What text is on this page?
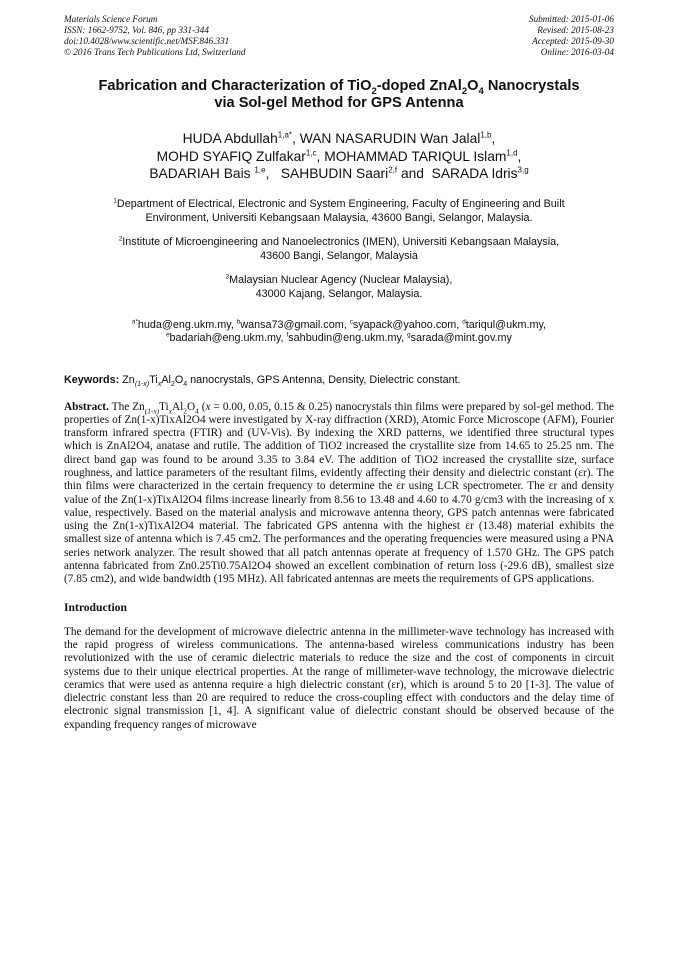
Materials Science Forum
ISSN: 1662-9752, Vol. 846, pp 331-344
doi:10.4028/www.scientific.net/MSF.846.331
© 2016 Trans Tech Publications Ltd, Switzerland
Submitted: 2015-01-06
Revised: 2015-08-23
Accepted: 2015-09-30
Online: 2016-03-04
Fabrication and Characterization of TiO$_2$-doped $ZnAl_2O_4$ Nanocrystals
via Sol-gel Method for GPS Antenna
HUDA Abdullah$^{1,a*}$, WAN NASARUDIN Wan Jalal$^{1,b}$,
MOHD SYAFIQ Zulfakar$^{1,c}$, MOHAMMAD TARIQUL Islam$^{1,d}$,
BADARIAH Bais $^{1,e}$,   SAHBUDIN Saari$^{2,f}$ and  SARADA Idris$^{3,g}$
$^1$Department of Electrical, Electronic and System Engineering, Faculty of Engineering and Built
Environment, Universiti Kebangsaan Malaysia, 43600 Bangi, Selangor, Malaysia.
$^2$Institute of Microengineering and Nanoelectronics (IMEN), Universiti Kebangsaan Malaysia,
43600 Bangi, Selangor, Malaysia
$^3$Malaysian Nuclear Agency (Nuclear Malaysia),
43000 Kajang, Selangor, Malaysia.
$^{a*}$huda@eng.ukm.my, $^b$wansa73@gmail.com, $^c$syapack@yahoo.com, $^d$tariqul@ukm.my,
$^e$badariah@eng.ukm.my, $^f$sahbudin@eng.ukm.my, $^g$sarada@mint.gov.my
Keywords: $Zn_{(1-x)}Ti_xAl_2O_4$ nanocrystals, GPS Antenna, Density, Dielectric constant.

Abstract. The $Zn_{(1-x)}Ti_xAl_2O_4$ (x = 0.00, 0.05, 0.15 & 0.25) nanocrystals thin films were prepared by sol-gel method. The properties of Zn(1-x)TixAl2O4 were investigated by X-ray diffraction (XRD), Atomic Force Microscope (AFM), Fourier transform infrared spectra (FTIR) and (UV-Vis). By indexing the XRD patterns, we identified three structural types which is ZnAl2O4, anatase and rutile. The addition of TiO2 increased the crystallite size from 14.65 to 25.25 nm. The direct band gap was found to be around 3.35 to 3.84 eV. The addition of TiO2 increased the crystallite size, surface roughness, and lattice parameters of the resultant films, evidently affecting their density and dielectric constant (εr). The thin films were characterized in the certain frequency to determine the εr using LCR spectrometer. The εr and density value of the Zn(1-x)TixAl2O4 films increase linearly from 8.56 to 13.48 and 4.60 to 4.70 g/cm3 with the increasing of x value, respectively. Based on the material analysis and microwave antenna theory, GPS patch antennas were fabricated using the Zn(1-x)TixAl2O4 material. The fabricated GPS antenna with the highest εr (13.48) material exhibits the smallest size of antenna which is 7.45 cm2. The performances and the operating frequencies were measured using a PNA series network analyzer. The result showed that all patch antennas operate at frequency of 1.570 GHz. The GPS patch antenna fabricated from Zn0.25Ti0.75Al2O4 showed an excellent combination of return loss (-29.6 dB), smallest size (7.85 cm2), and wide bandwidth (195 MHz). All fabricated antennas are meets the requirements of GPS applications.

Introduction

The demand for the development of microwave dielectric antenna in the millimeter-wave technology has increased with the rapid progress of wireless communications. The antenna-based wireless communications industry has been revolutionized with the use of ceramic dielectric materials to reduce the size and the cost of components in circuit systems due to their unique electrical properties. At the range of millimeter-wave technology, the microwave dielectric ceramics that were used as antenna require a high dielectric constant (εr), which is around 5 to 20 [1-3]. The value of dielectric constant less than 20 are required to reduce the cross-coupling effect with conductors and the delay time of electronic signal transmission [1, 4]. A significant value of dielectric constant should be observed because of the expanding frequency ranges of microwave
